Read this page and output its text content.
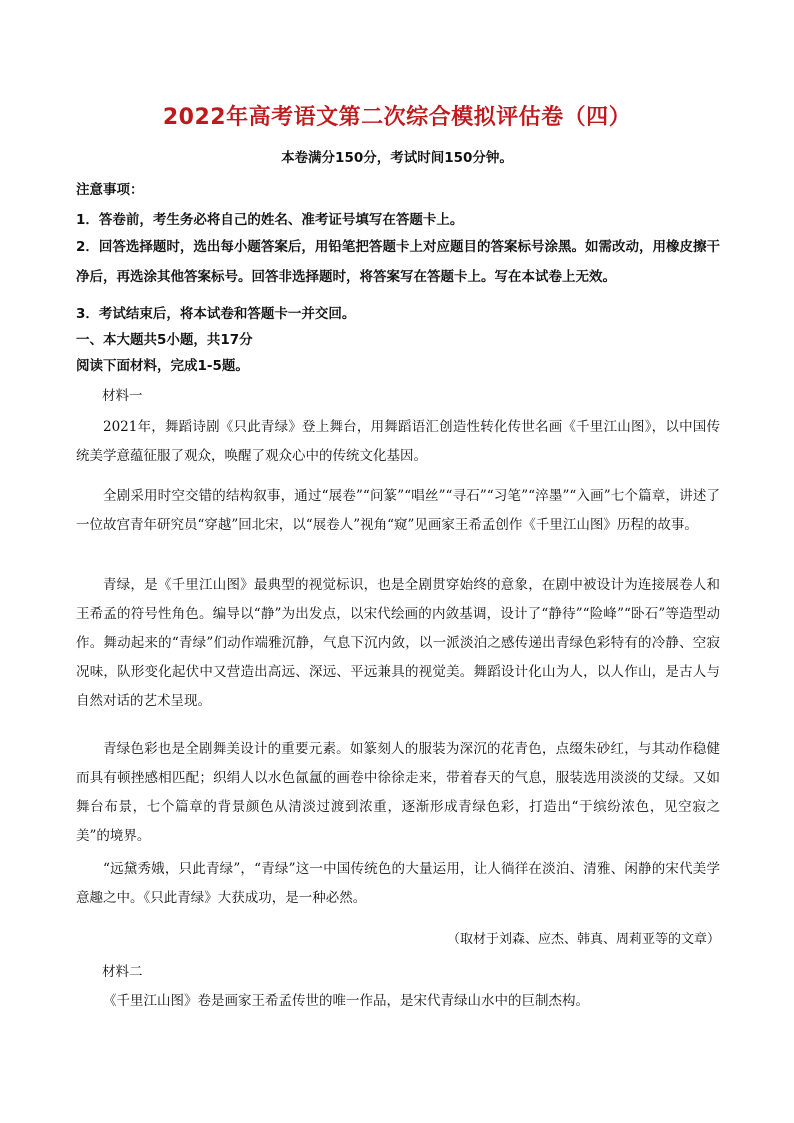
2022年高考语文第二次综合模拟评估卷（四）
本卷满分150分，考试时间150分钟。
注意事项：
1．答卷前，考生务必将自己的姓名、准考证号填写在答题卡上。
2．回答选择题时，选出每小题答案后，用铅笔把答题卡上对应题目的答案标号涂黑。如需改动，用橡皮擦干净后，再选涂其他答案标号。回答非选择题时，将答案写在答题卡上。写在本试卷上无效。
3．考试结束后，将本试卷和答题卡一并交回。
一、本大题共5小题，共17分
阅读下面材料，完成1-5题。
材料一
2021年，舞蹈诗剧《只此青绿》登上舞台，用舞蹈语汇创造性转化传世名画《千里江山图》，以中国传统美学意蕴征服了观众，唤醒了观众心中的传统文化基因。
全剧采用时空交错的结构叙事，通过“展卷”“问篆”“唱丝”“寻石”“习笔”“淬墨”“入画”七个篇章，讲述了一位故宫青年研究员“穿越”回北宋，以“展卷人”视角“窥”见画家王希孟创作《千里江山图》历程的故事。
青绿，是《千里江山图》最典型的视觉标识，也是全剧贯穿始终的意象，在剧中被设计为连接展卷人和王希孟的符号性角色。编导以“静”为出发点，以宋代绘画的内敛基调，设计了“静待”“险峰”“卧石”等造型动作。舞动起来的“青绿”们动作端雅沉静，气息下沉内敛，以一派淡泊之感传递出青绿色彩特有的冷静、空寂况味，队形变化起伏中又营造出高远、深远、平远兼具的视觉美。舞蹈设计化山为人，以人作山，是古人与自然对话的艺术呈现。
青绿色彩也是全剧舞美设计的重要元素。如篆刻人的服装为深沉的花青色，点缀朱砂红，与其动作稳健而具有顿挫感相匹配；织绢人以水色氤氲的画卷中徐徐走来，带着春天的气息，服装选用淡淡的艾绿。又如舞台布景，七个篇章的背景颜色从清淡过渡到浓重，逐渐形成青绿色彩，打造出“于缤纷浓色，见空寂之美”的境界。
“远黛秀娥，只此青绿”，“青绿”这一中国传统色的大量运用，让人徜徉在淡泊、清雅、闲静的宋代美学意趣之中。《只此青绿》大获成功，是一种必然。
（取材于刘森、应杰、韩真、周莉亚等的文章）
材料二
《千里江山图》卷是画家王希孟传世的唯一作品，是宋代青绿山水中的巨制杰构。
